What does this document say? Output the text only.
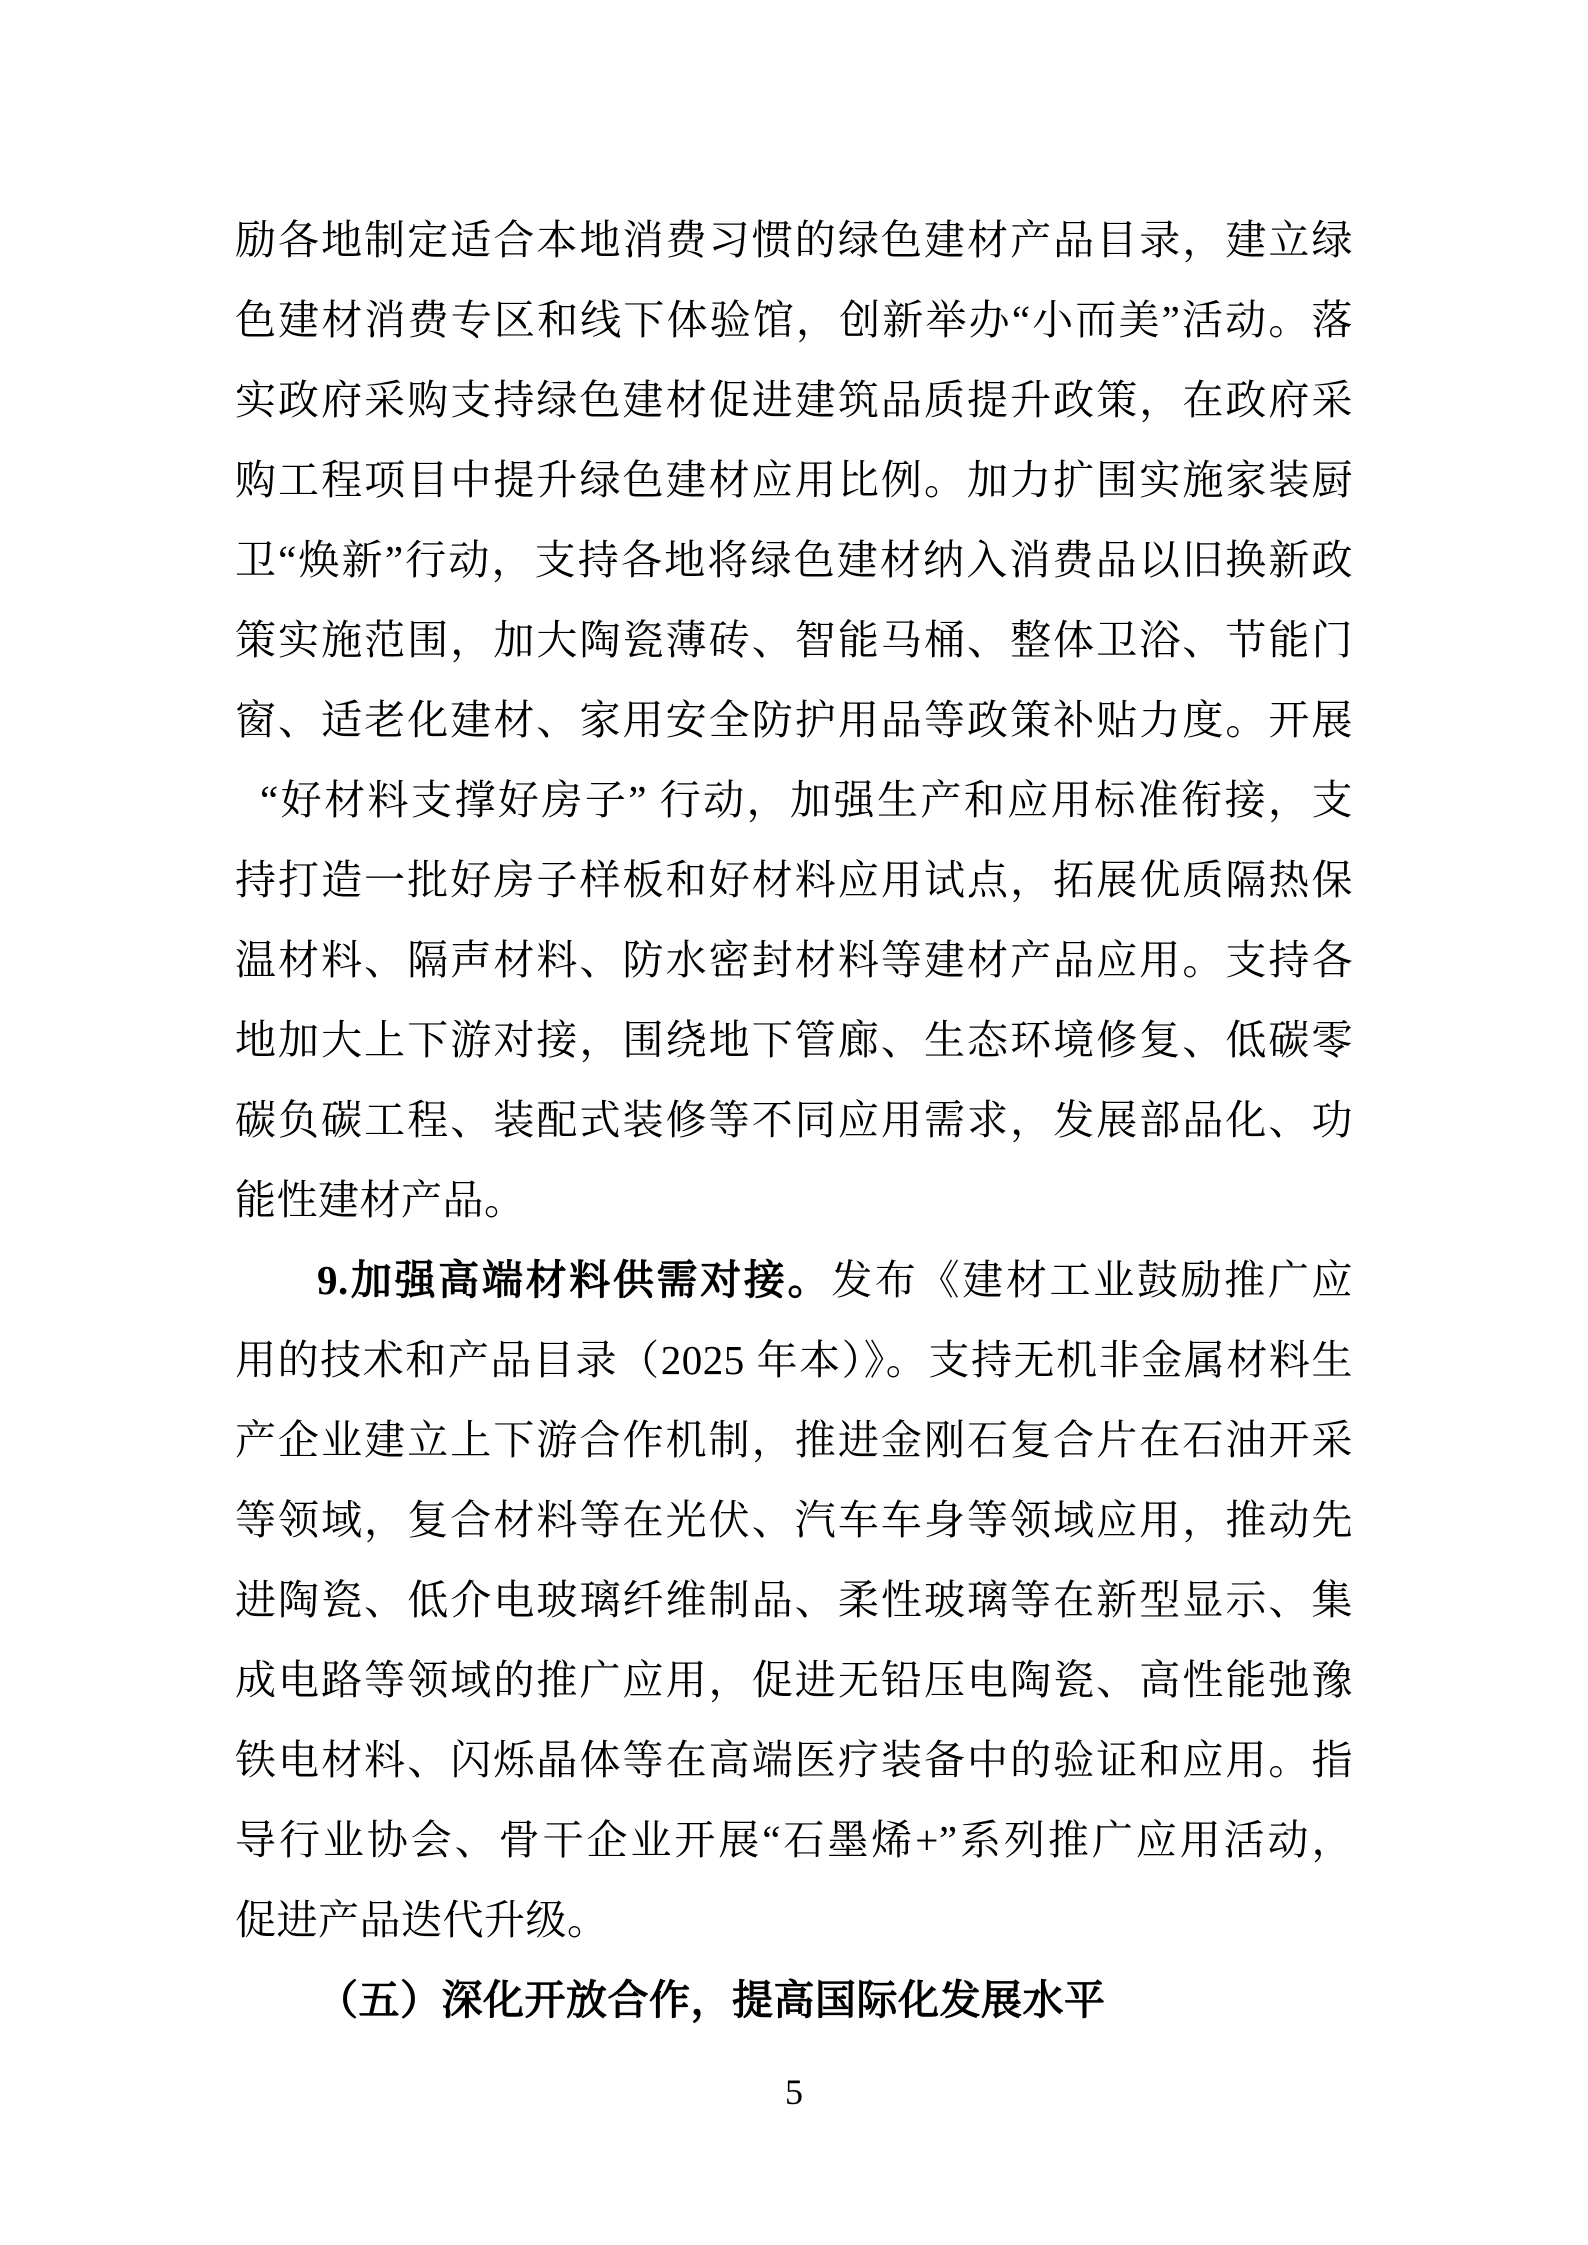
励各地制定适合本地消费习惯的绿色建材产品目录，建立绿
色建材消费专区和线下体验馆，创新举办“小而美”活动。落
实政府采购支持绿色建材促进建筑品质提升政策，在政府采
购工程项目中提升绿色建材应用比例。加力扩围实施家装厨
卫“焕新”行动，支持各地将绿色建材纳入消费品以旧换新政
策实施范围，加大陶瓷薄砖、智能马桶、整体卫浴、节能门
窗、适老化建材、家用安全防护用品等政策补贴力度。开展
“好材料支撑好房子” 行动，加强生产和应用标准衔接，支
持打造一批好房子样板和好材料应用试点，拓展优质隔热保
温材料、隔声材料、防水密封材料等建材产品应用。支持各
地加大上下游对接，围绕地下管廊、生态环境修复、低碳零
碳负碳工程、装配式装修等不同应用需求，发展部品化、功
能性建材产品。
9.加强高端材料供需对接。发布《建材工业鼓励推广应
用的技术和产品目录（2025 年本）》。支持无机非金属材料生
产企业建立上下游合作机制，推进金刚石复合片在石油开采
等领域，复合材料等在光伏、汽车车身等领域应用，推动先
进陶瓷、低介电玻璃纤维制品、柔性玻璃等在新型显示、集
成电路等领域的推广应用，促进无铅压电陶瓷、高性能弛豫
铁电材料、闪烁晶体等在高端医疗装备中的验证和应用。指
导行业协会、骨干企业开展“石墨烯+”系列推广应用活动，
促进产品迭代升级。
（五）深化开放合作，提高国际化发展水平
5
